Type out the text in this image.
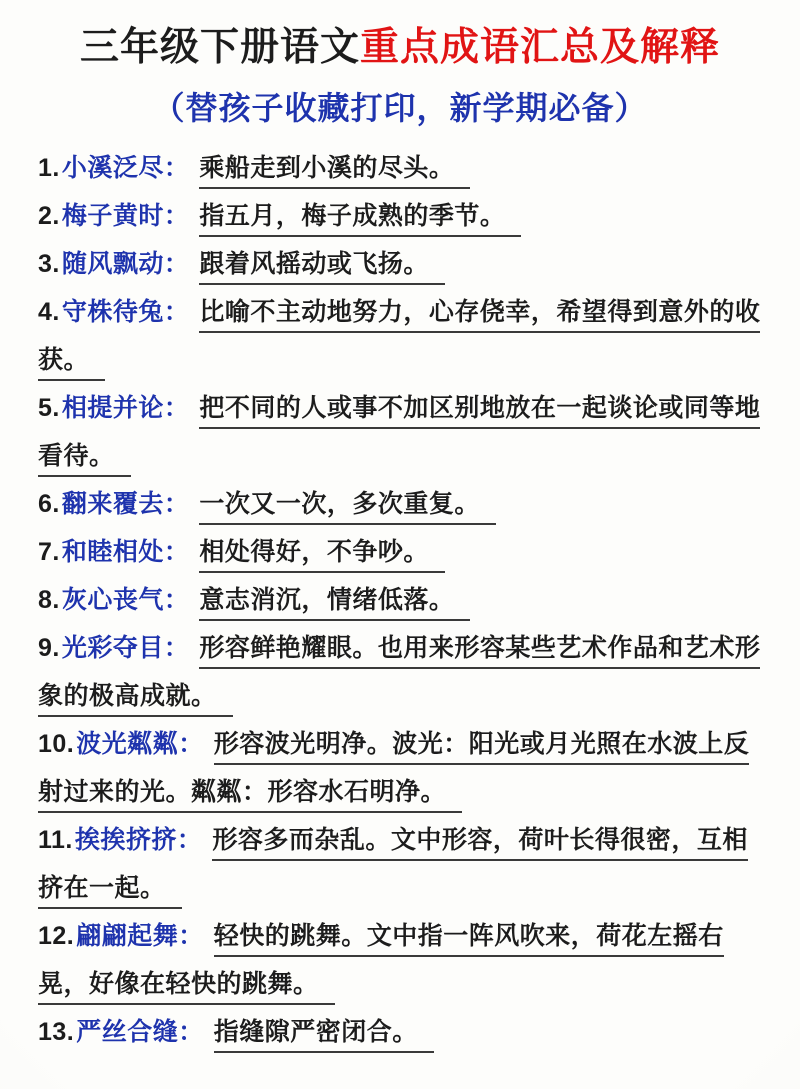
三年级下册语文重点成语汇总及解释
（替孩子收藏打印，新学期必备）

1.小溪泛尽： 乘船走到小溪的尽头。

2.梅子黄时： 指五月，梅子成熟的季节。

3.随风飘动： 跟着风摇动或飞扬。

4.守株待兔： 比喻不主动地努力，心存侥幸，希望得到意外的收获。

5.相提并论： 把不同的人或事不加区别地放在一起谈论或同等地看待。

6.翻来覆去： 一次又一次，多次重复。

7.和睦相处： 相处得好，不争吵。

8.灰心丧气： 意志消沉，情绪低落。

9.光彩夺目： 形容鲜艳耀眼。也用来形容某些艺术作品和艺术形象的极高成就。

10.波光粼粼： 形容波光明净。波光：阳光或月光照在水波上反射过来的光。粼粼：形容水石明净。

11.挨挨挤挤： 形容多而杂乱。文中形容，荷叶长得很密，互相挤在一起。

12.翩翩起舞： 轻快的跳舞。文中指一阵风吹来，荷花左摇右晃，好像在轻快的跳舞。

13.严丝合缝： 指缝隙严密闭合。
